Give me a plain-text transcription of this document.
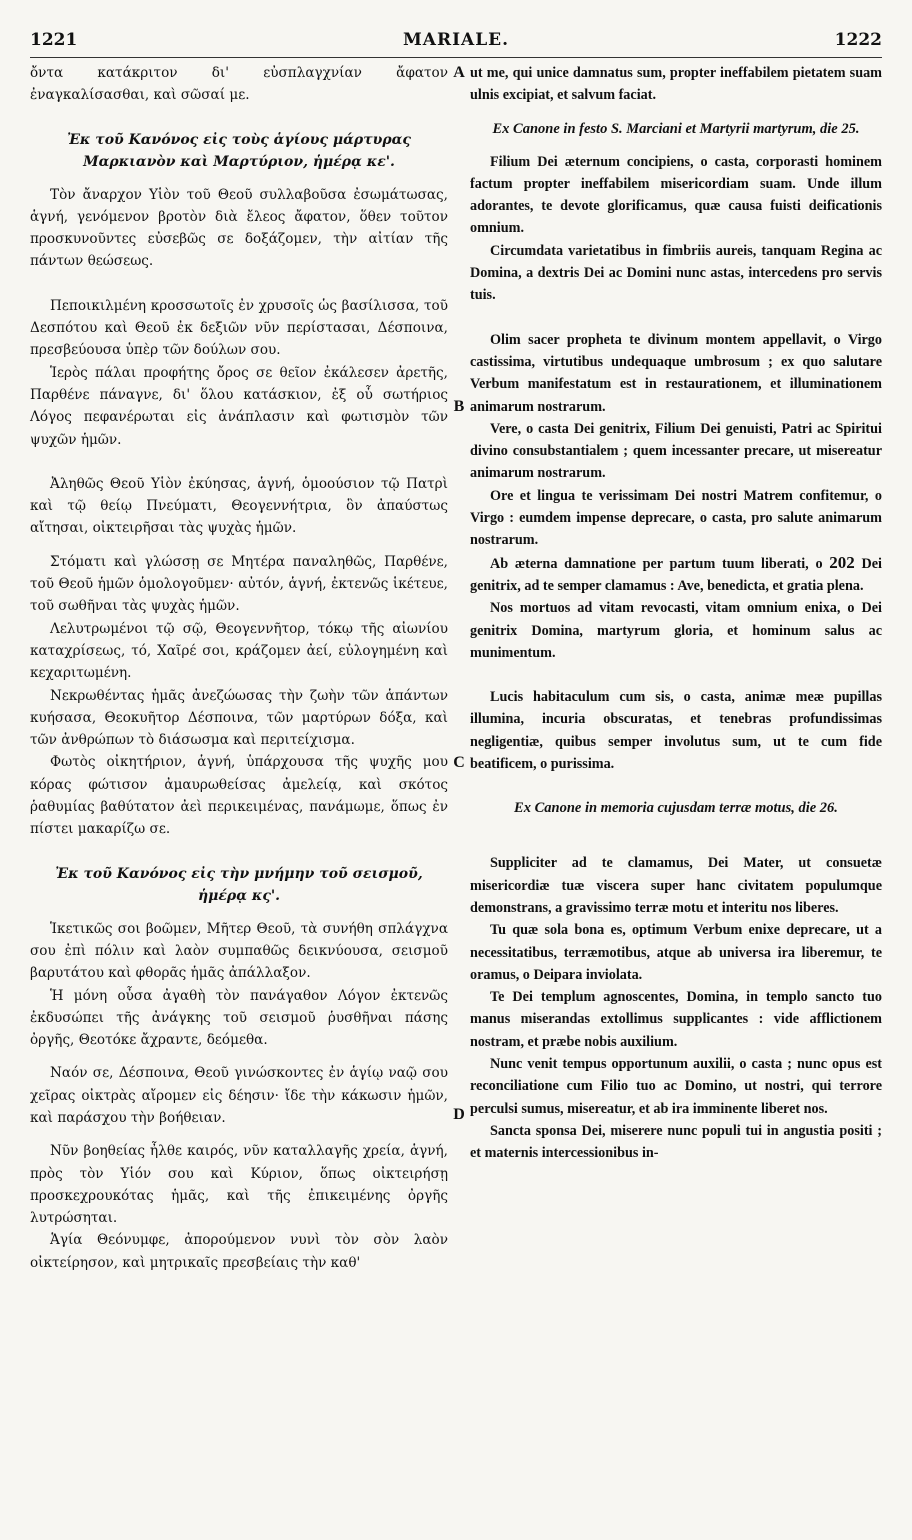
1221	MARIALE.	1222
A
B
C
D

ὄντα κατάκριτον δι' εὐσπλαγχνίαν ἄφατον ἐναγκαλίσασθαι, καὶ σῶσαί με.

Ἐκ τοῦ Κανόνος εἰς τοὺς ἁγίους μάρτυρας Μαρκιανὸν καὶ Μαρτύριον, ἡμέρᾳ κε'.

Τὸν ἄναρχον Υἱὸν τοῦ Θεοῦ συλλαβοῦσα ἐσωμάτωσας, ἁγνή, γενόμενον βροτὸν διὰ ἔλεος ἄφατον, ὅθεν τοῦτον προσκυνοῦντες εὐσεβῶς σε δοξάζομεν, τὴν αἰτίαν τῆς πάντων θεώσεως.

Πεποικιλμένη κροσσωτοῖς ἐν χρυσοῖς ὡς βασίλισσα, τοῦ Δεσπότου καὶ Θεοῦ ἐκ δεξιῶν νῦν περίστασαι, Δέσποινα, πρεσβεύουσα ὑπὲρ τῶν δούλων σου.

Ἱερὸς πάλαι προφήτης ὄρος σε θεῖον ἐκάλεσεν ἀρετῆς, Παρθένε πάναγνε, δι' ὅλου κατάσκιον, ἐξ οὗ σωτήριος Λόγος πεφανέρωται εἰς ἀνάπλασιν καὶ φωτισμὸν τῶν ψυχῶν ἡμῶν.

Ἀληθῶς Θεοῦ Υἱὸν ἐκύησας, ἁγνή, ὁμοούσιον τῷ Πατρὶ καὶ τῷ θείῳ Πνεύματι, Θεογεννήτρια, ὃν ἀπαύστως αἴτησαι, οἰκτειρῆσαι τὰς ψυχὰς ἡμῶν.

Στόματι καὶ γλώσσῃ σε Μητέρα παναληθῶς, Παρθένε, τοῦ Θεοῦ ἡμῶν ὁμολογοῦμεν· αὐτόν, ἁγνή, ἐκτενῶς ἱκέτευε, τοῦ σωθῆναι τὰς ψυχὰς ἡμῶν.

Λελυτρωμένοι τῷ σῷ, Θεογεννῆτορ, τόκῳ τῆς αἰωνίου καταχρίσεως, τό, Χαῖρέ σοι, κράζομεν ἀεί, εὐλογημένη καὶ κεχαριτωμένη.

Νεκρωθέντας ἡμᾶς ἀνεζώωσας τὴν ζωὴν τῶν ἁπάντων κυήσασα, Θεοκυῆτορ Δέσποινα, τῶν μαρτύρων δόξα, καὶ τῶν ἀνθρώπων τὸ διάσωσμα καὶ περιτείχισμα.

Φωτὸς οἰκητήριον, ἁγνή, ὑπάρχουσα τῆς ψυχῆς μου κόρας φώτισον ἀμαυρωθείσας ἀμελείᾳ, καὶ σκότος ῥαθυμίας βαθύτατον ἀεὶ περικειμένας, πανάμωμε, ὅπως ἐν πίστει μακαρίζω σε.

Ἐκ τοῦ Κανόνος εἰς τὴν μνήμην τοῦ σεισμοῦ, ἡμέρᾳ κς'.

Ἱκετικῶς σοι βοῶμεν, Μῆτερ Θεοῦ, τὰ συνήθη σπλάγχνα σου ἐπὶ πόλιν καὶ λαὸν συμπαθῶς δεικνύουσα, σεισμοῦ βαρυτάτου καὶ φθορᾶς ἡμᾶς ἀπάλλαξον.

Ἡ μόνη οὖσα ἀγαθὴ τὸν πανάγαθον Λόγον ἐκτενῶς ἐκδυσώπει τῆς ἀνάγκης τοῦ σεισμοῦ ῥυσθῆναι πάσης ὀργῆς, Θεοτόκε ἄχραντε, δεόμεθα.

Ναόν σε, Δέσποινα, Θεοῦ γινώσκοντες ἐν ἁγίῳ ναῷ σου χεῖρας οἰκτρὰς αἴρομεν εἰς δέησιν· ἴδε τὴν κάκωσιν ἡμῶν, καὶ παράσχου τὴν βοήθειαν.

Νῦν βοηθείας ἦλθε καιρός, νῦν καταλλαγῆς χρεία, ἁγνή, πρὸς τὸν Υἱόν σου καὶ Κύριον, ὅπως οἰκτειρήσῃ προσκεχρουκότας ἡμᾶς, καὶ τῆς ἐπικειμένης ὀργῆς λυτρώσηται.

Ἁγία Θεόνυμφε, ἀπορούμενον νυνὶ τὸν σὸν λαὸν οἰκτείρησον, καὶ μητρικαῖς πρεσβείαις τὴν καθ'

ut me, qui unice damnatus sum, propter ineffabilem pietatem suam ulnis excipiat, et salvum faciat.

Ex Canone in festo S. Marciani et Martyrii martyrum, die 25.

Filium Dei æternum concipiens, o casta, corporasti hominem factum propter ineffabilem misericordiam suam. Unde illum adorantes, te devote glorificamus, quæ causa fuisti deificationis omnium.

Circumdata varietatibus in fimbriis aureis, tanquam Regina ac Domina, a dextris Dei ac Domini nunc astas, intercedens pro servis tuis.

Olim sacer propheta te divinum montem appellavit, o Virgo castissima, virtutibus undequaque umbrosum ; ex quo salutare Verbum manifestatum est in restaurationem, et illuminationem animarum nostrarum.

Vere, o casta Dei genitrix, Filium Dei genuisti, Patri ac Spiritui divino consubstantialem ; quem incessanter precare, ut misereatur animarum nostrarum.

Ore et lingua te verissimam Dei nostri Matrem confitemur, o Virgo : eumdem impense deprecare, o casta, pro salute animarum nostrarum.

Ab æterna damnatione per partum tuum liberati, o 202 Dei genitrix, ad te semper clamamus : Ave, benedicta, et gratia plena.

Nos mortuos ad vitam revocasti, vitam omnium enixa, o Dei genitrix Domina, martyrum gloria, et hominum salus ac munimentum.

Lucis habitaculum cum sis, o casta, animæ meæ pupillas illumina, incuria obscuratas, et tenebras profundissimas negligentiæ, quibus semper involutus sum, ut te cum fide beatificem, o purissima.

Ex Canone in memoria cujusdam terræ motus, die 26.

Suppliciter ad te clamamus, Dei Mater, ut consuetæ misericordiæ tuæ viscera super hanc civitatem populumque demonstrans, a gravissimo terræ motu et interitu nos liberes.

Tu quæ sola bona es, optimum Verbum enixe deprecare, ut a necessitatibus, terræmotibus, atque ab universa ira liberemur, te oramus, o Deipara inviolata.

Te Dei templum agnoscentes, Domina, in templo sancto tuo manus miserandas extollimus supplicantes : vide afflictionem nostram, et præbe nobis auxilium.

Nunc venit tempus opportunum auxilii, o casta ; nunc opus est reconciliatione cum Filio tuo ac Domino, ut nostri, qui terrore perculsi sumus, misereatur, et ab ira imminente liberet nos.

Sancta sponsa Dei, miserere nunc populi tui in angustia positi ; et maternis intercessionibus in-
